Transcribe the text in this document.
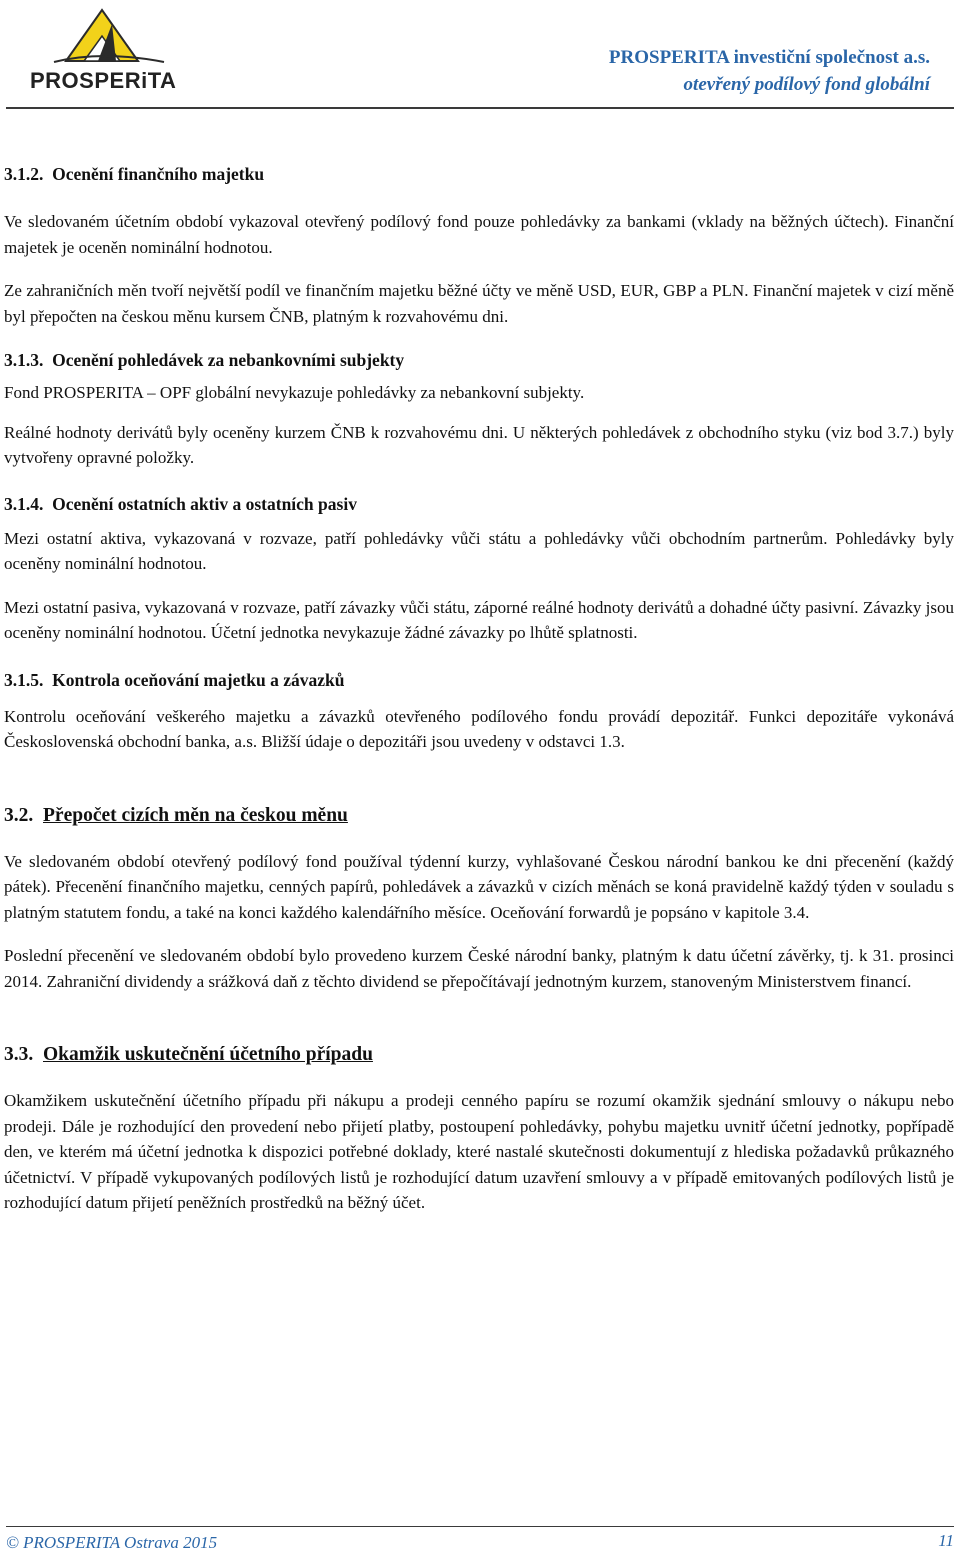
PROSPERiTA
PROSPERITA investiční společnost a.s.
otevřený podílový fond globální

3.1.2. Ocenění finančního majetku

Ve sledovaném účetním období vykazoval otevřený podílový fond pouze pohledávky za bankami (vklady na běžných účtech). Finanční majetek je oceněn nominální hodnotou.

Ze zahraničních měn tvoří největší podíl ve finančním majetku běžné účty ve měně USD, EUR, GBP a PLN. Finanční majetek v cizí měně byl přepočten na českou měnu kursem ČNB, platným k rozvahovému dni.

3.1.3. Ocenění pohledávek za nebankovními subjekty

Fond PROSPERITA – OPF globální nevykazuje pohledávky za nebankovní subjekty.

Reálné hodnoty derivátů byly oceněny kurzem ČNB k rozvahovému dni. U některých pohledávek z obchodního styku (viz bod 3.7.) byly vytvořeny opravné položky.

3.1.4. Ocenění ostatních aktiv a ostatních pasiv

Mezi ostatní aktiva, vykazovaná v rozvaze, patří pohledávky vůči státu a pohledávky vůči obchodním partnerům. Pohledávky byly oceněny nominální hodnotou.

Mezi ostatní pasiva, vykazovaná v rozvaze, patří závazky vůči státu, záporné reálné hodnoty derivátů a dohadné účty pasivní. Závazky jsou oceněny nominální hodnotou. Účetní jednotka nevykazuje žádné závazky po lhůtě splatnosti.

3.1.5. Kontrola oceňování majetku a závazků

Kontrolu oceňování veškerého majetku a závazků otevřeného podílového fondu provádí depozitář. Funkci depozitáře vykonává Československá obchodní banka, a.s. Bližší údaje o depozitáři jsou uvedeny v odstavci 1.3.

3.2. Přepočet cizích měn na českou měnu

Ve sledovaném období otevřený podílový fond používal týdenní kurzy, vyhlašované Českou národní bankou ke dni přecenění (každý pátek). Přecenění finančního majetku, cenných papírů, pohledávek a závazků v cizích měnách se koná pravidelně každý týden v souladu s platným statutem fondu, a také na konci každého kalendářního měsíce. Oceňování forwardů je popsáno v kapitole 3.4.

Poslední přecenění ve sledovaném období bylo provedeno kurzem České národní banky, platným k datu účetní závěrky, tj. k 31. prosinci 2014. Zahraniční dividendy a srážková daň z těchto dividend se přepočítávají jednotným kurzem, stanoveným Ministerstvem financí.

3.3. Okamžik uskutečnění účetního případu

Okamžikem uskutečnění účetního případu při nákupu a prodeji cenného papíru se rozumí okamžik sjednání smlouvy o nákupu nebo prodeji. Dále je rozhodující den provedení nebo přijetí platby, postoupení pohledávky, pohybu majetku uvnitř účetní jednotky, popřípadě den, ve kterém má účetní jednotka k dispozici potřebné doklady, které nastalé skutečnosti dokumentují z hlediska požadavků průkazného účetnictví. V případě vykupovaných podílových listů je rozhodující datum uzavření smlouvy a v případě emitovaných podílových listů je rozhodující datum přijetí peněžních prostředků na běžný účet.

© PROSPERITA Ostrava 2015	11
